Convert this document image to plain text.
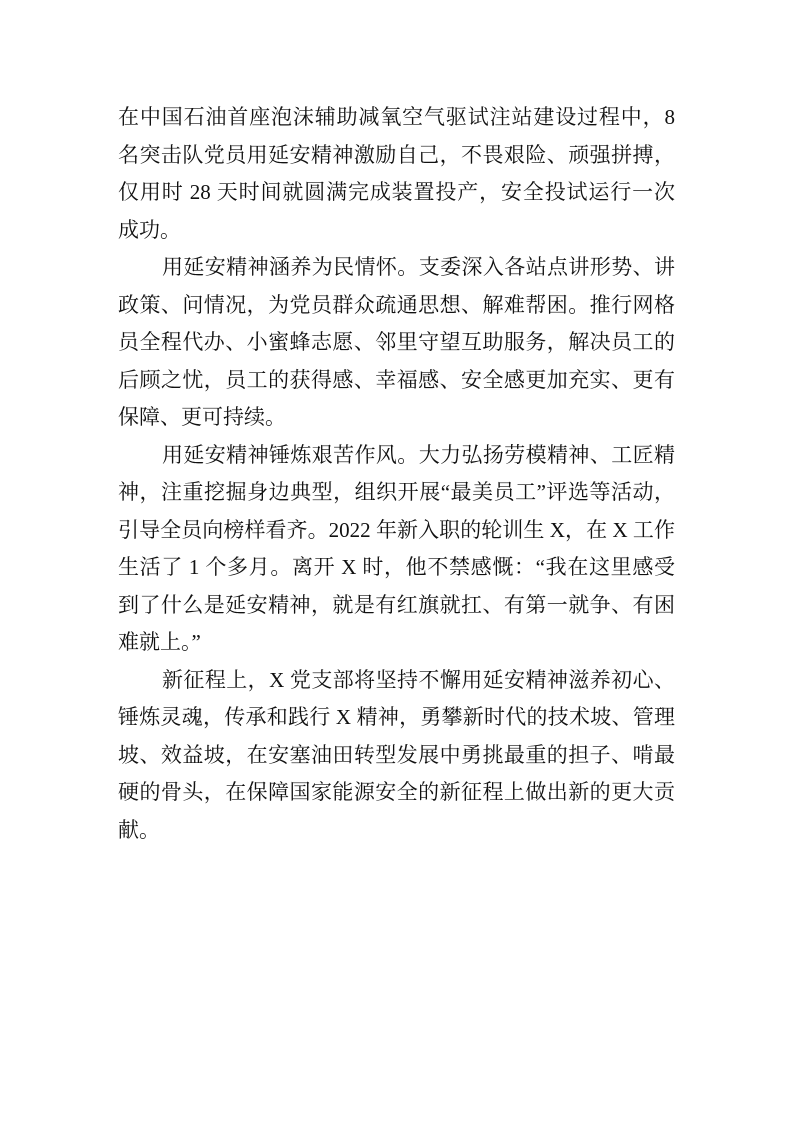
在中国石油首座泡沫辅助减氧空气驱试注站建设过程中，8
名突击队党员用延安精神激励自己，不畏艰险、顽强拼搏，
仅用时 28 天时间就圆满完成装置投产，安全投试运行一次
成功。
用延安精神涵养为民情怀。支委深入各站点讲形势、讲
政策、问情况，为党员群众疏通思想、解难帮困。推行网格
员全程代办、小蜜蜂志愿、邻里守望互助服务，解决员工的
后顾之忧，员工的获得感、幸福感、安全感更加充实、更有
保障、更可持续。
用延安精神锤炼艰苦作风。大力弘扬劳模精神、工匠精
神，注重挖掘身边典型，组织开展“最美员工”评选等活动，
引导全员向榜样看齐。2022 年新入职的轮训生 X，在 X 工作
生活了 1 个多月。离开 X 时，他不禁感慨：“我在这里感受
到了什么是延安精神，就是有红旗就扛、有第一就争、有困
难就上。”
新征程上，X 党支部将坚持不懈用延安精神滋养初心、
锤炼灵魂，传承和践行 X 精神，勇攀新时代的技术坡、管理
坡、效益坡，在安塞油田转型发展中勇挑最重的担子、啃最
硬的骨头，在保障国家能源安全的新征程上做出新的更大贡
献。
